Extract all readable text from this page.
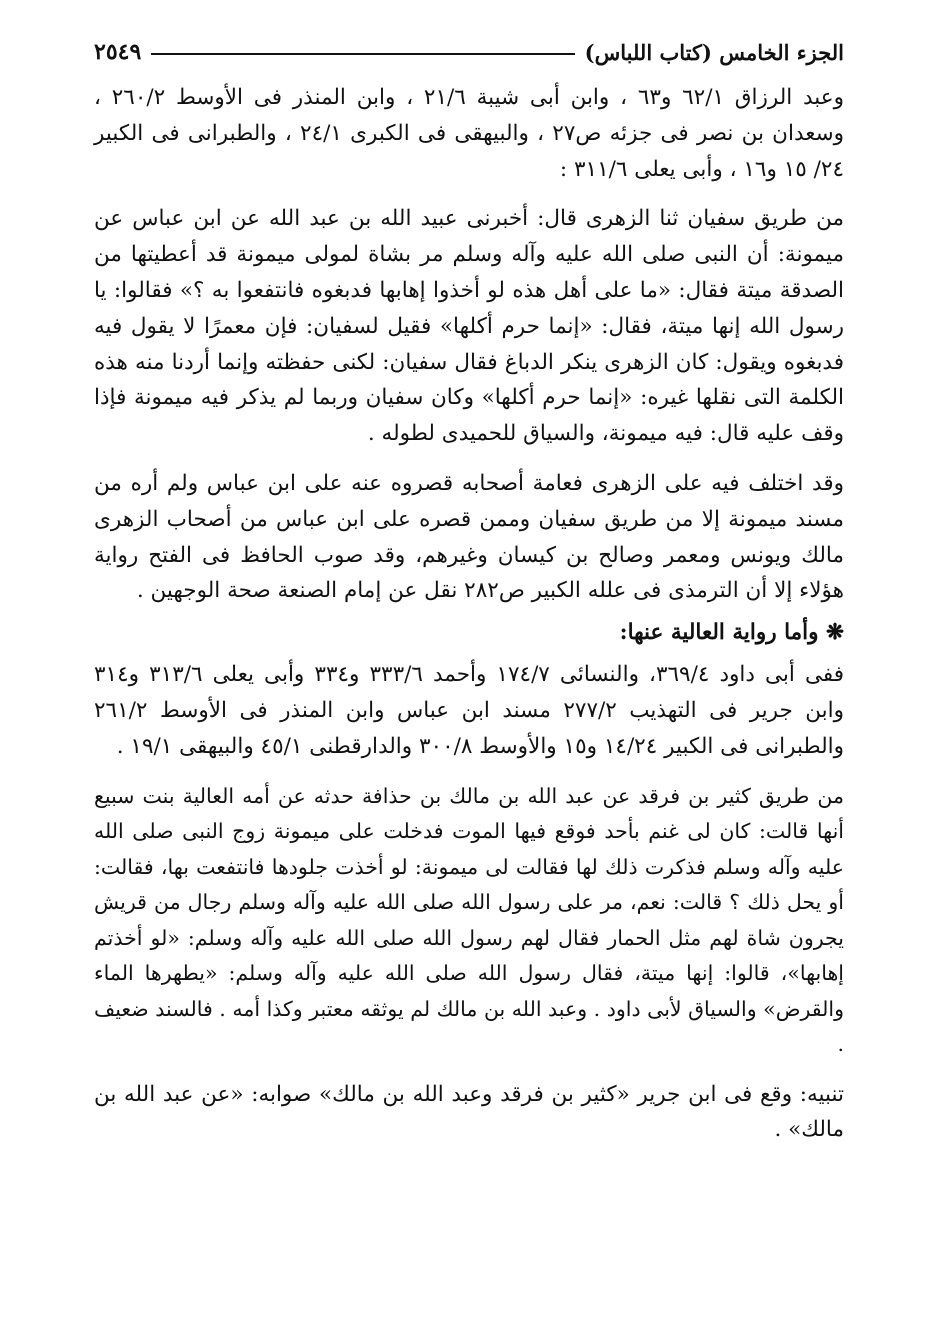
الجزء الخامس (كتاب اللباس)
٢٥٤٩

وعبد الرزاق ٦٢/١ و٦٣ ، وابن أبى شيبة ٢١/٦ ، وابن المنذر فى الأوسط ٢٦٠/٢ ، وسعدان بن نصر فى جزئه ص٢٧ ، والبيهقى فى الكبرى ٢٤/١ ، والطبرانى فى الكبير ٢٤/ ١٥ و١٦ ، وأبى يعلى ٣١١/٦ :

من طريق سفيان ثنا الزهرى قال: أخبرنى عبيد الله بن عبد الله عن ابن عباس عن ميمونة: أن النبى صلى الله عليه وآله وسلم مر بشاة لمولى ميمونة قد أعطيتها من الصدقة ميتة فقال: «ما على أهل هذه لو أخذوا إهابها فدبغوه فانتفعوا به ؟» فقالوا: يا رسول الله إنها ميتة، فقال: «إنما حرم أكلها» فقيل لسفيان: فإن معمرًا لا يقول فيه فدبغوه ويقول: كان الزهرى ينكر الدباغ فقال سفيان: لكنى حفظته وإنما أردنا منه هذه الكلمة التى نقلها غيره: «إنما حرم أكلها» وكان سفيان وربما لم يذكر فيه ميمونة فإذا وقف عليه قال: فيه ميمونة، والسياق للحميدى لطوله .

وقد اختلف فيه على الزهرى فعامة أصحابه قصروه عنه على ابن عباس ولم أره من مسند ميمونة إلا من طريق سفيان وممن قصره على ابن عباس من أصحاب الزهرى مالك ويونس ومعمر وصالح بن كيسان وغيرهم، وقد صوب الحافظ فى الفتح رواية هؤلاء إلا أن الترمذى فى علله الكبير ص٢٨٢ نقل عن إمام الصنعة صحة الوجهين .

❋ وأما رواية العالية عنها:

ففى أبى داود ٣٦٩/٤، والنسائى ١٧٤/٧ وأحمد ٣٣٣/٦ و٣٣٤ وأبى يعلى ٣١٣/٦ و٣١٤ وابن جرير فى التهذيب ٢٧٧/٢ مسند ابن عباس وابن المنذر فى الأوسط ٢٦١/٢ والطبرانى فى الكبير ١٤/٢٤ و١٥ والأوسط ٣٠٠/٨ والدارقطنى ٤٥/١ والبيهقى ١٩/١ .

من طريق كثير بن فرقد عن عبد الله بن مالك بن حذافة حدثه عن أمه العالية بنت سبيع أنها قالت: كان لى غنم بأحد فوقع فيها الموت فدخلت على ميمونة زوج النبى صلى الله عليه وآله وسلم فذكرت ذلك لها فقالت لى ميمونة: لو أخذت جلودها فانتفعت بها، فقالت: أو يحل ذلك ؟ قالت: نعم، مر على رسول الله صلى الله عليه وآله وسلم رجال من قريش يجرون شاة لهم مثل الحمار فقال لهم رسول الله صلى الله عليه وآله وسلم: «لو أخذتم إهابها»، قالوا: إنها ميتة، فقال رسول الله صلى الله عليه وآله وسلم: «يطهرها الماء والقرض» والسياق لأبى داود . وعبد الله بن مالك لم يوثقه معتبر وكذا أمه . فالسند ضعيف .

تنبيه: وقع فى ابن جرير «كثير بن فرقد وعبد الله بن مالك» صوابه: «عن عبد الله بن مالك» .
